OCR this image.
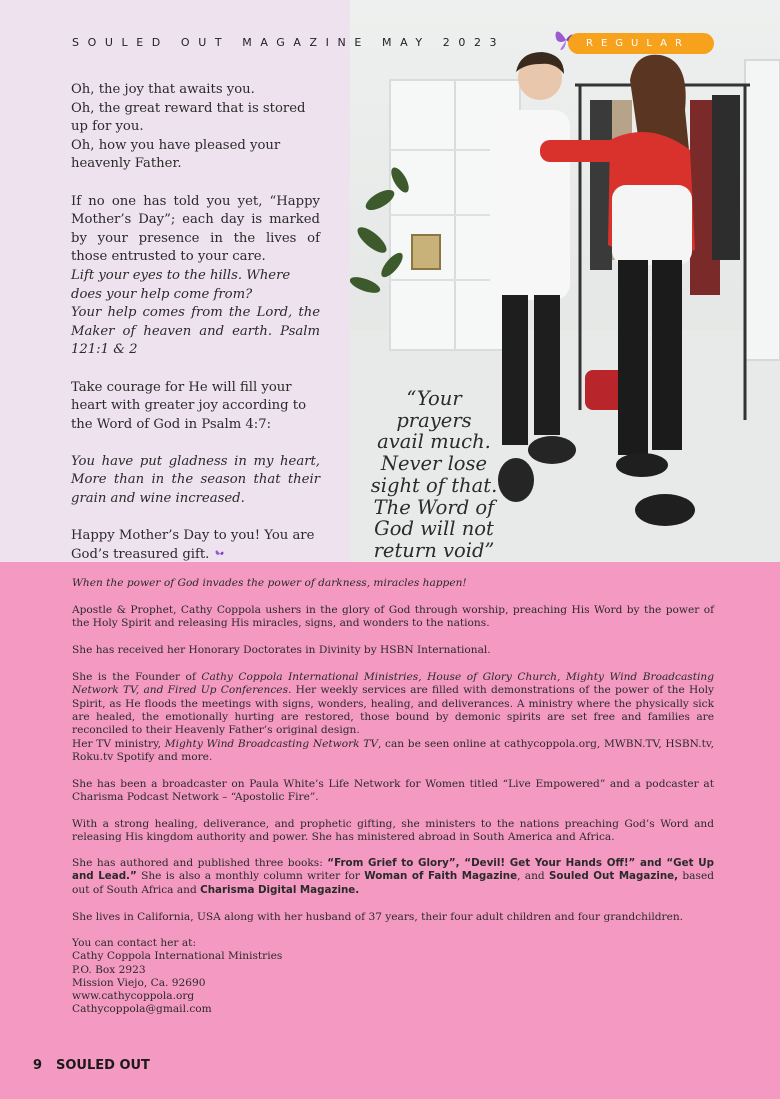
SOULED OUT MAGAZINE MAY 2023	REGULAR

Oh, the joy that awaits you.
Oh, the great reward that is stored up for you.
Oh, how you have pleased your heavenly Father.

If no one has told you yet, “Happy Mother’s Day”; each day is marked by your presence in the lives of those entrusted to your care.
Lift your eyes to the hills. Where does your help come from?
Your help comes from the Lord, the Maker of heaven and earth. Psalm 121:1 & 2

Take courage for He will fill your heart with greater joy according to the Word of God in Psalm 4:7:

You have put gladness in my heart, More than in the season that their grain and wine increased.

Happy Mother’s Day to you! You are God’s treasured gift.

“Your prayers
avail much.
Never lose
sight of that.
The Word of
God will not
return void”
When the power of God invades the power of darkness, miracles happen!
Apostle & Prophet, Cathy Coppola ushers in the glory of God through worship, preaching His Word by the power of the Holy Spirit and releasing His miracles, signs, and wonders to the nations.
She has received her Honorary Doctorates in Divinity by HSBN International.
She is the Founder of Cathy Coppola International Ministries, House of Glory Church, Mighty Wind Broadcasting Network TV, and Fired Up Conferences. Her weekly services are filled with demonstrations of the power of the Holy Spirit, as He floods the meetings with signs, wonders, healing, and deliverances. A ministry where the physically sick are healed, the emotionally hurting are restored, those bound by demonic spirits are set free and families are reconciled to their Heavenly Father’s original design.
Her TV ministry, Mighty Wind Broadcasting Network TV, can be seen online at cathycoppola.org, MWBN.TV, HSBN.tv, Roku.tv Spotify and more.
She has been a broadcaster on Paula White’s Life Network for Women titled “Live Empowered” and a podcaster at Charisma Podcast Network – “Apostolic Fire”.
With a strong healing, deliverance, and prophetic gifting, she ministers to the nations preaching God’s Word and releasing His kingdom authority and power. She has ministered abroad in South America and Africa.
She has authored and published three books: “From Grief to Glory”, “Devil! Get Your Hands Off!” and “Get Up and Lead.” She is also a monthly column writer for Woman of Faith Magazine, and Souled Out Magazine, based out of South Africa and Charisma Digital Magazine.
She lives in California, USA along with her husband of 37 years, their four adult children and four grandchildren.
You can contact her at:
Cathy Coppola International Ministries
P.O. Box 2923
Mission Viejo, Ca. 92690
www.cathycoppola.org
Cathycoppola@gmail.com
9 SOULED OUT
